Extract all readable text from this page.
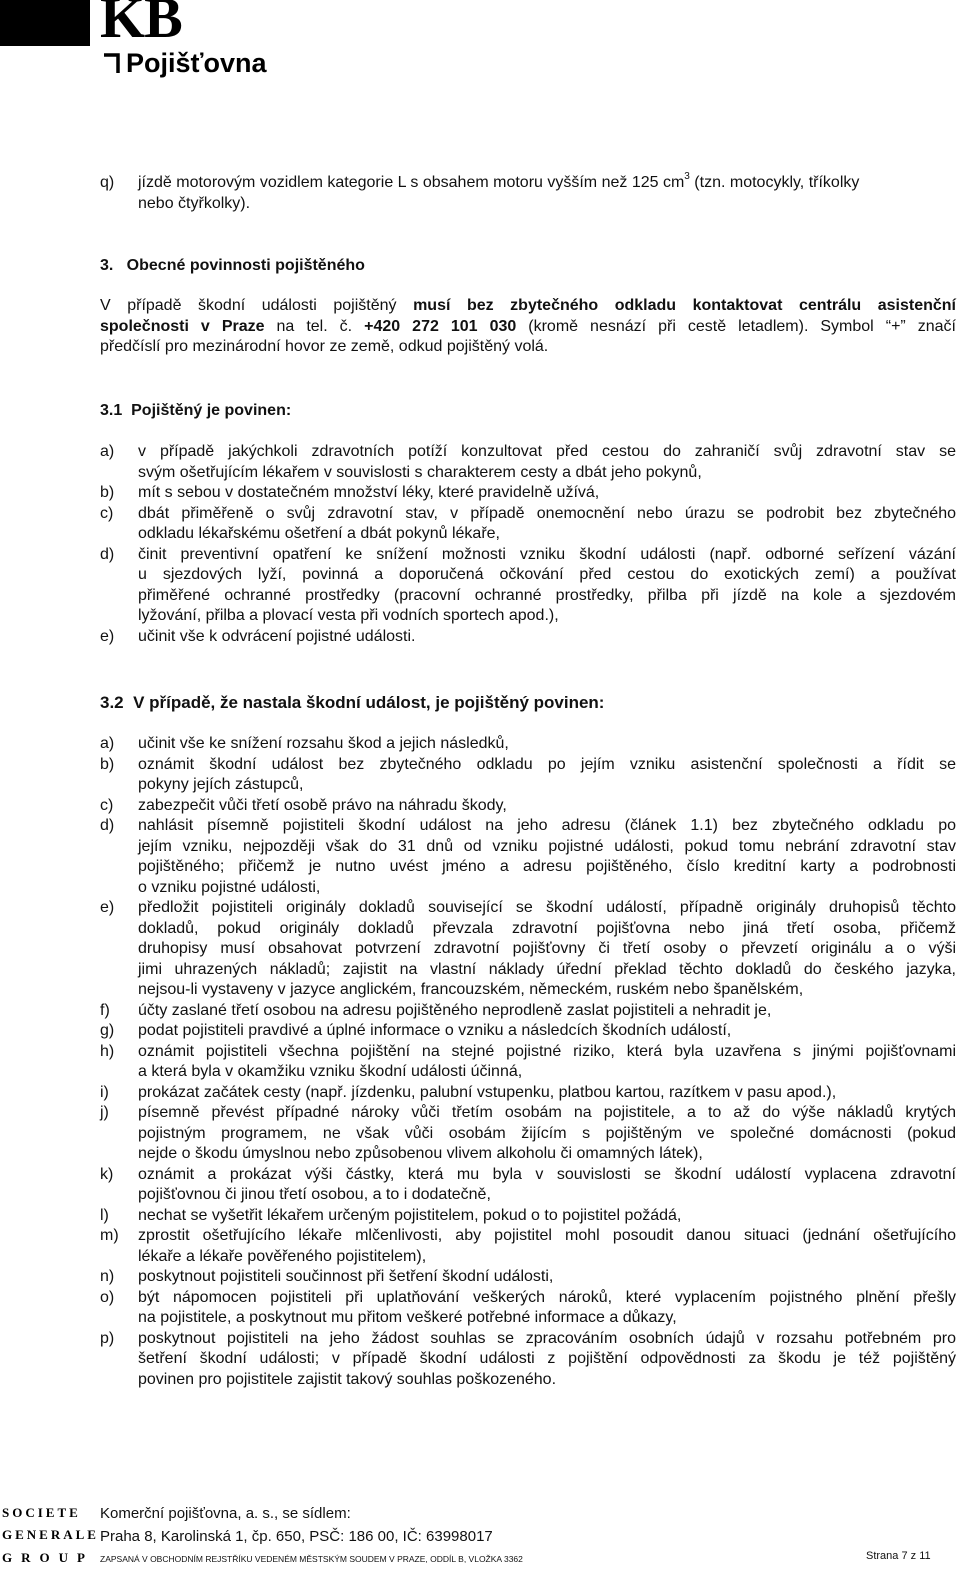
KB
Pojišťovna
q) jízdě motorovým vozidlem kategorie L s obsahem motoru vyšším než 125 $cm^3$ (tzn. motocykly, tříkolky
nebo čtyřkolky).
3.   Obecné povinnosti pojištěného
V případě škodní události pojištěný musí bez zbytečného odkladu kontaktovat centrálu asistenční
společnosti v Praze na tel. č. +420 272 101 030 (kromě nesnází při cestě letadlem). Symbol “+” značí
předčíslí pro mezinárodní hovor ze země, odkud pojištěný volá.
3.1  Pojištěný je povinen:
a) v případě jakýchkoli zdravotních potíží konzultovat před cestou do zahraničí svůj zdravotní stav se
svým ošetřujícím lékařem v souvislosti s charakterem cesty a dbát jeho pokynů,
b) mít s sebou v dostatečném množství léky, které pravidelně užívá,
c) dbát přiměřeně o svůj zdravotní stav, v případě onemocnění nebo úrazu se podrobit bez zbytečného
odkladu lékařskému ošetření a dbát pokynů lékaře,
d) činit preventivní opatření ke snížení možnosti vzniku škodní události (např. odborné seřízení vázání
u sjezdových lyží, povinná a doporučená očkování před cestou do exotických zemí) a používat
přiměřené ochranné prostředky (pracovní ochranné prostředky, přilba při jízdě na kole a sjezdovém
lyžování, přilba a plovací vesta při vodních sportech apod.),
e) učinit vše k odvrácení pojistné události.
3.2  V případě, že nastala škodní událost, je pojištěný povinen:
a) učinit vše ke snížení rozsahu škod a jejich následků,
b) oznámit škodní událost bez zbytečného odkladu po jejím vzniku asistenční společnosti a řídit se
pokyny jejích zástupců,
c) zabezpečit vůči třetí osobě právo na náhradu škody,
d) nahlásit písemně pojistiteli škodní událost na jeho adresu (článek 1.1) bez zbytečného odkladu po
jejím vzniku, nejpozději však do 31 dnů od vzniku pojistné události, pokud tomu nebrání zdravotní stav
pojištěného; přičemž je nutno uvést jméno a adresu pojištěného, číslo kreditní karty a podrobnosti
o vzniku pojistné události,
e) předložit pojistiteli originály dokladů související se škodní událostí, případně originály druhopisů těchto
dokladů, pokud originály dokladů převzala zdravotní pojišťovna nebo jiná třetí osoba, přičemž
druhopisy musí obsahovat potvrzení zdravotní pojišťovny či třetí osoby o převzetí originálu a o výši
jimi uhrazených nákladů; zajistit na vlastní náklady úřední překlad těchto dokladů do českého jazyka,
nejsou-li vystaveny v jazyce anglickém, francouzském, německém, ruském nebo španělském,
f) účty zaslané třetí osobou na adresu pojištěného neprodleně zaslat pojistiteli a nehradit je,
g) podat pojistiteli pravdivé a úplné informace o vzniku a následcích škodních událostí,
h) oznámit pojistiteli všechna pojištění na stejné pojistné riziko, která byla uzavřena s jinými pojišťovnami
a která byla v okamžiku vzniku škodní události účinná,
i) prokázat začátek cesty (např. jízdenku, palubní vstupenku, platbou kartou, razítkem v pasu apod.),
j) písemně převést případné nároky vůči třetím osobám na pojistitele, a to až do výše nákladů krytých
pojistným programem, ne však vůči osobám žijícím s pojištěným ve společné domácnosti (pokud
nejde o škodu úmyslnou nebo způsobenou vlivem alkoholu či omamných látek),
k) oznámit a prokázat výši částky, která mu byla v souvislosti se škodní událostí vyplacena zdravotní
pojišťovnou či jinou třetí osobou, a to i dodatečně,
l) nechat se vyšetřit lékařem určeným pojistitelem, pokud o to pojistitel požádá,
m) zprostit ošetřujícího lékaře mlčenlivosti, aby pojistitel mohl posoudit danou situaci (jednání ošetřujícího
lékaře a lékaře pověřeného pojistitelem),
n) poskytnout pojistiteli součinnost při šetření škodní události,
o) být nápomocen pojistiteli při uplatňování veškerých nároků, které vyplacením pojistného plnění přešly
na pojistitele, a poskytnout mu přitom veškeré potřebné informace a důkazy,
p) poskytnout pojistiteli na jeho žádost souhlas se zpracováním osobních údajů v rozsahu potřebném pro
šetření škodní události; v případě škodní události z pojištění odpovědnosti za škodu je též pojištěný
povinen pro pojistitele zajistit takový souhlas poškozeného.
SOCIETE
GENERALE
GROUP
Komerční pojišťovna, a. s., se sídlem:
Praha 8, Karolinská 1, čp. 650, PSČ: 186 00, IČ: 63998017
ZAPSANÁ V OBCHODNÍM REJSTŘÍKU VEDENÉM MĚSTSKÝM SOUDEM V PRAZE, ODDÍL B, VLOŽKA 3362	Strana 7 z 11
